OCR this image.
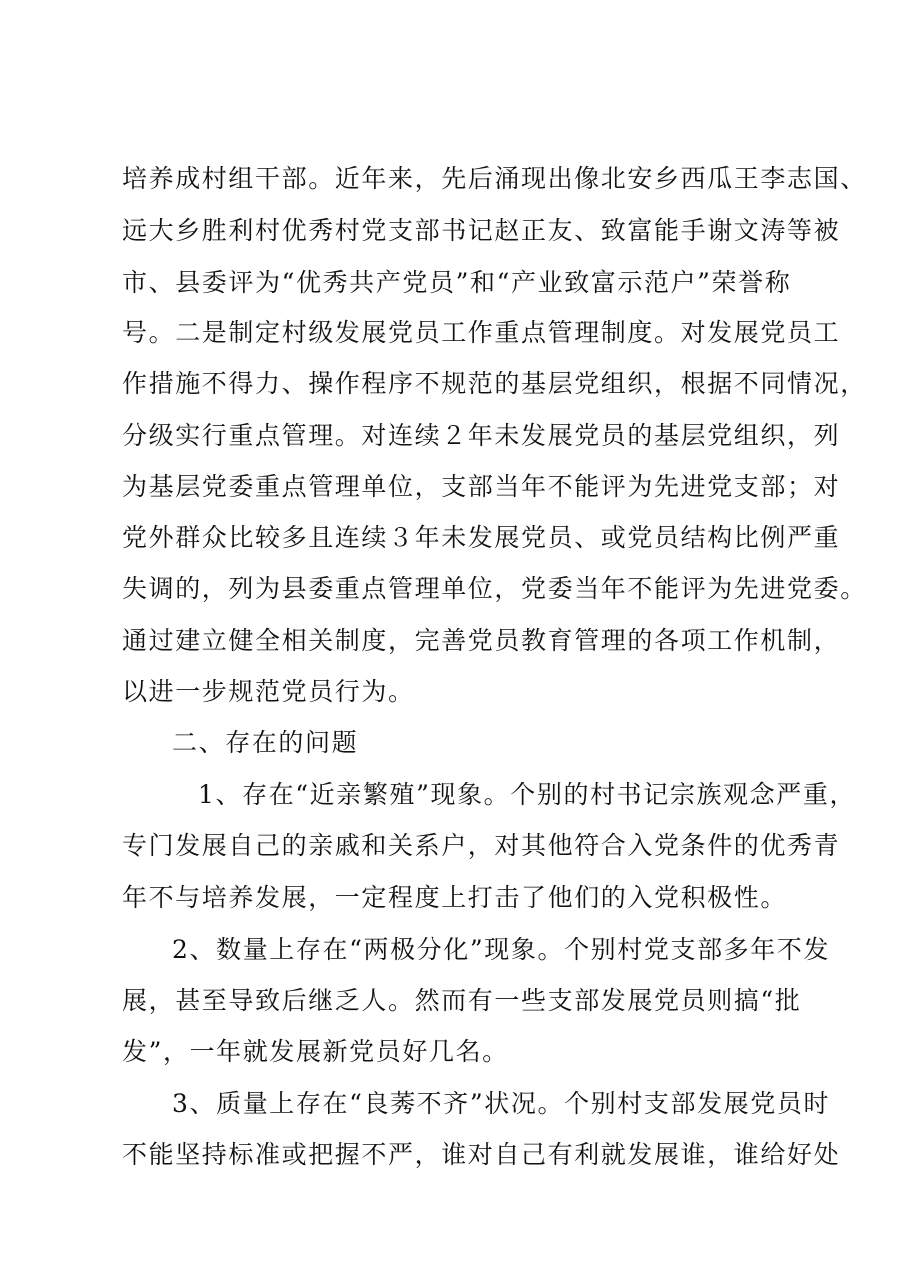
培养成村组干部。近年来，先后涌现出像北安乡西瓜王李志国、
远大乡胜利村优秀村党支部书记赵正友、致富能手谢文涛等被
市、县委评为“优秀共产党员”和“产业致富示范户”荣誉称
号。二是制定村级发展党员工作重点管理制度。对发展党员工
作措施不得力、操作程序不规范的基层党组织，根据不同情况，
分级实行重点管理。对连续２年未发展党员的基层党组织，列
为基层党委重点管理单位，支部当年不能评为先进党支部；对
党外群众比较多且连续３年未发展党员、或党员结构比例严重
失调的，列为县委重点管理单位，党委当年不能评为先进党委。
通过建立健全相关制度，完善党员教育管理的各项工作机制，
以进一步规范党员行为。
二、存在的问题
1、存在“近亲繁殖”现象。个别的村书记宗族观念严重，
专门发展自己的亲戚和关系户，对其他符合入党条件的优秀青
年不与培养发展，一定程度上打击了他们的入党积极性。
2、数量上存在“两极分化”现象。个别村党支部多年不发
展，甚至导致后继乏人。然而有一些支部发展党员则搞“批
发”，一年就发展新党员好几名。
3、质量上存在“良莠不齐”状况。个别村支部发展党员时
不能坚持标准或把握不严，谁对自己有利就发展谁，谁给好处
